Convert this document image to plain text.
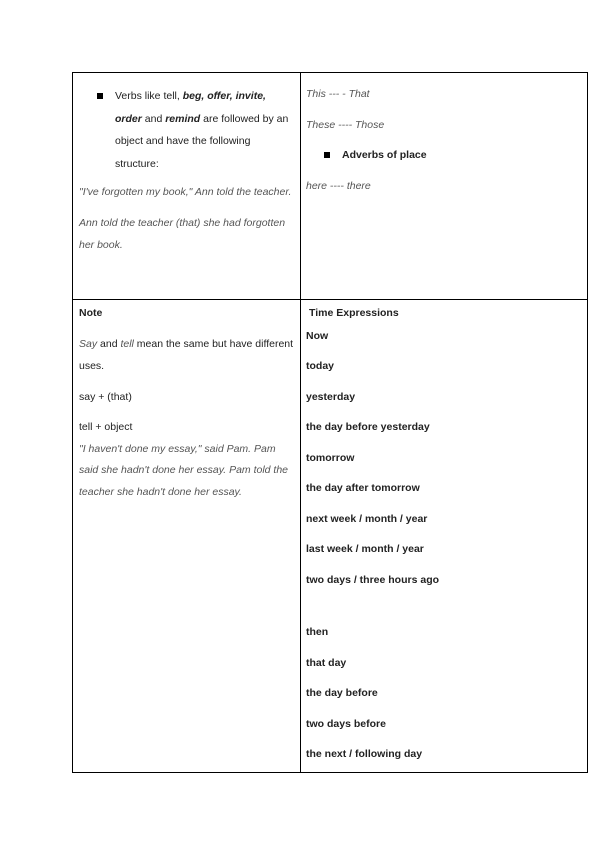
Verbs like tell, beg, offer, invite, order and remind are followed by an object and have the following structure:
"I've forgotten my book," Ann told the teacher.
Ann told the teacher (that) she had forgotten her book.
This --- - That
These ---- Those
Adverbs of place
here ---- there
Note
Say and tell mean the same but have different uses.
say + (that)
tell + object
"I haven't done my essay," said Pam. Pam said she hadn't done her essay. Pam told the teacher she hadn't done her essay.
Time Expressions
Now
today
yesterday
the day before yesterday
tomorrow
the day after tomorrow
next week / month / year
last week / month / year
two days / three hours ago
then
that day
the day before
two days before
the next / following day
